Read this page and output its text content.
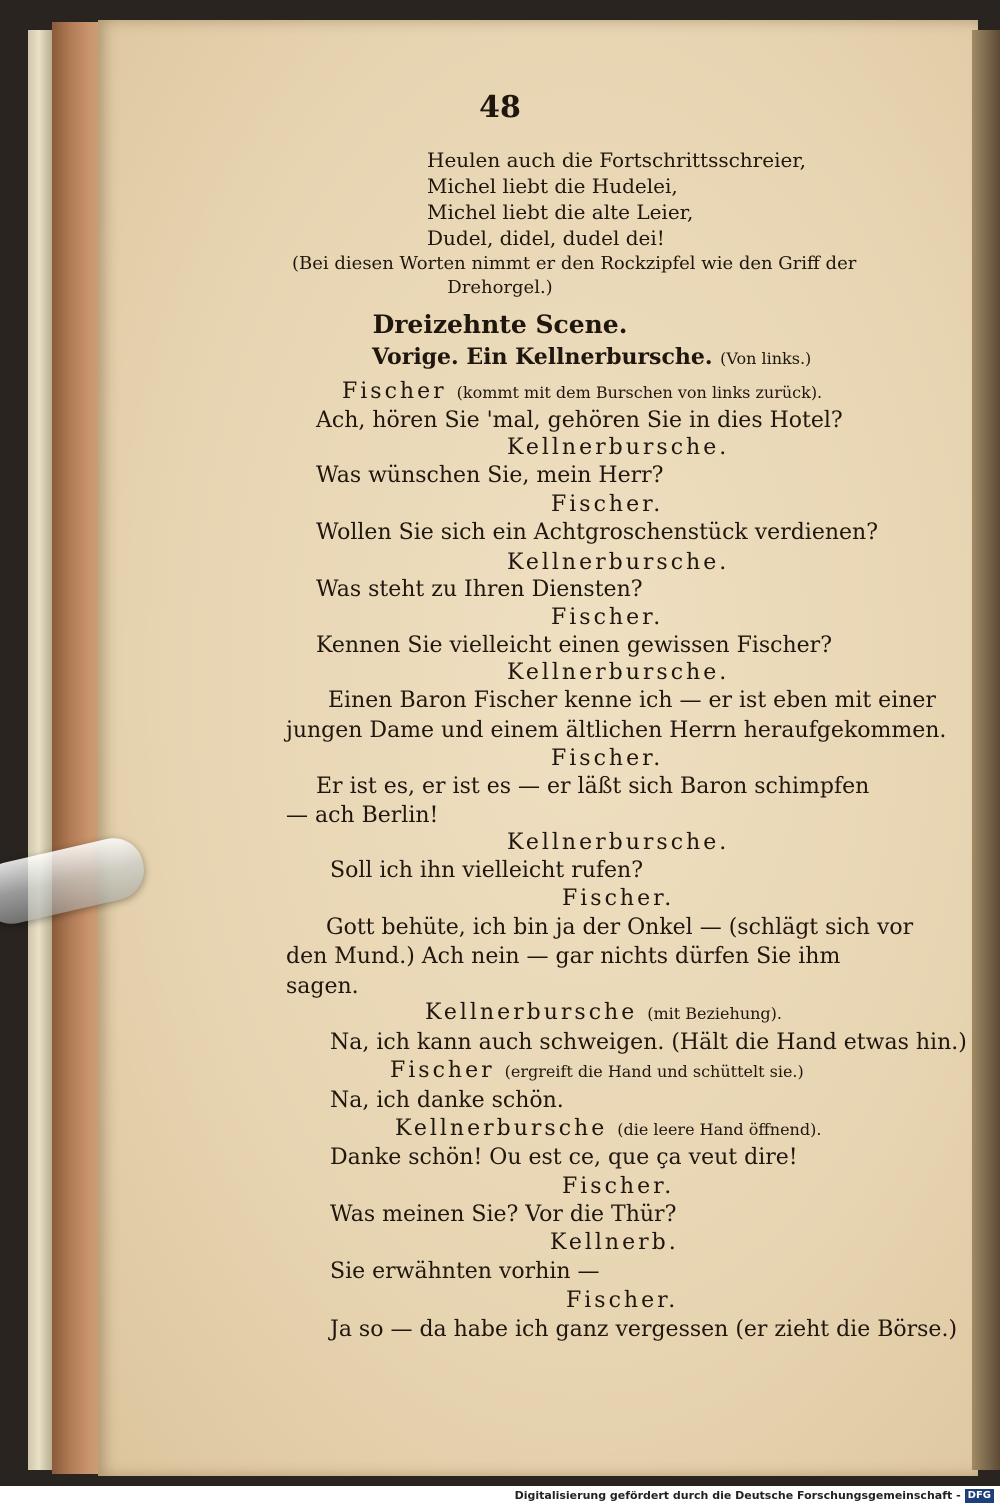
48
Heulen auch die Fortschrittsschreier,
Michel liebt die Hudelei,
Michel liebt die alte Leier,
Dudel, didel, dudel dei!
(Bei diesen Worten nimmt er den Rockzipfel wie den Griff der
Drehorgel.)
Dreizehnte Scene.
Vorige. Ein Kellnerbursche. (Von links.)
Fischer (kommt mit dem Burschen von links zurück).
Ach, hören Sie 'mal, gehören Sie in dies Hotel?
Kellnerbursche.
Was wünschen Sie, mein Herr?
Fischer.
Wollen Sie sich ein Achtgroschenstück verdienen?
Kellnerbursche.
Was steht zu Ihren Diensten?
Fischer.
Kennen Sie vielleicht einen gewissen Fischer?
Kellnerbursche.
Einen Baron Fischer kenne ich — er ist eben mit einer
jungen Dame und einem ältlichen Herrn heraufgekommen.
Fischer.
Er ist es, er ist es — er läßt sich Baron schimpfen
— ach Berlin!
Kellnerbursche.
Soll ich ihn vielleicht rufen?
Fischer.
Gott behüte, ich bin ja der Onkel — (schlägt sich vor
den Mund.) Ach nein — gar nichts dürfen Sie ihm
sagen.
Kellnerbursche (mit Beziehung).
Na, ich kann auch schweigen. (Hält die Hand etwas hin.)
Fischer (ergreift die Hand und schüttelt sie.)
Na, ich danke schön.
Kellnerbursche (die leere Hand öffnend).
Danke schön! Ou est ce, que ça veut dire!
Fischer.
Was meinen Sie? Vor die Thür?
Kellnerb.
Sie erwähnten vorhin —
Fischer.
Ja so — da habe ich ganz vergessen (er zieht die Börse.)
Digitalisierung gefördert durch die Deutsche Forschungsgemeinschaft - DFG
